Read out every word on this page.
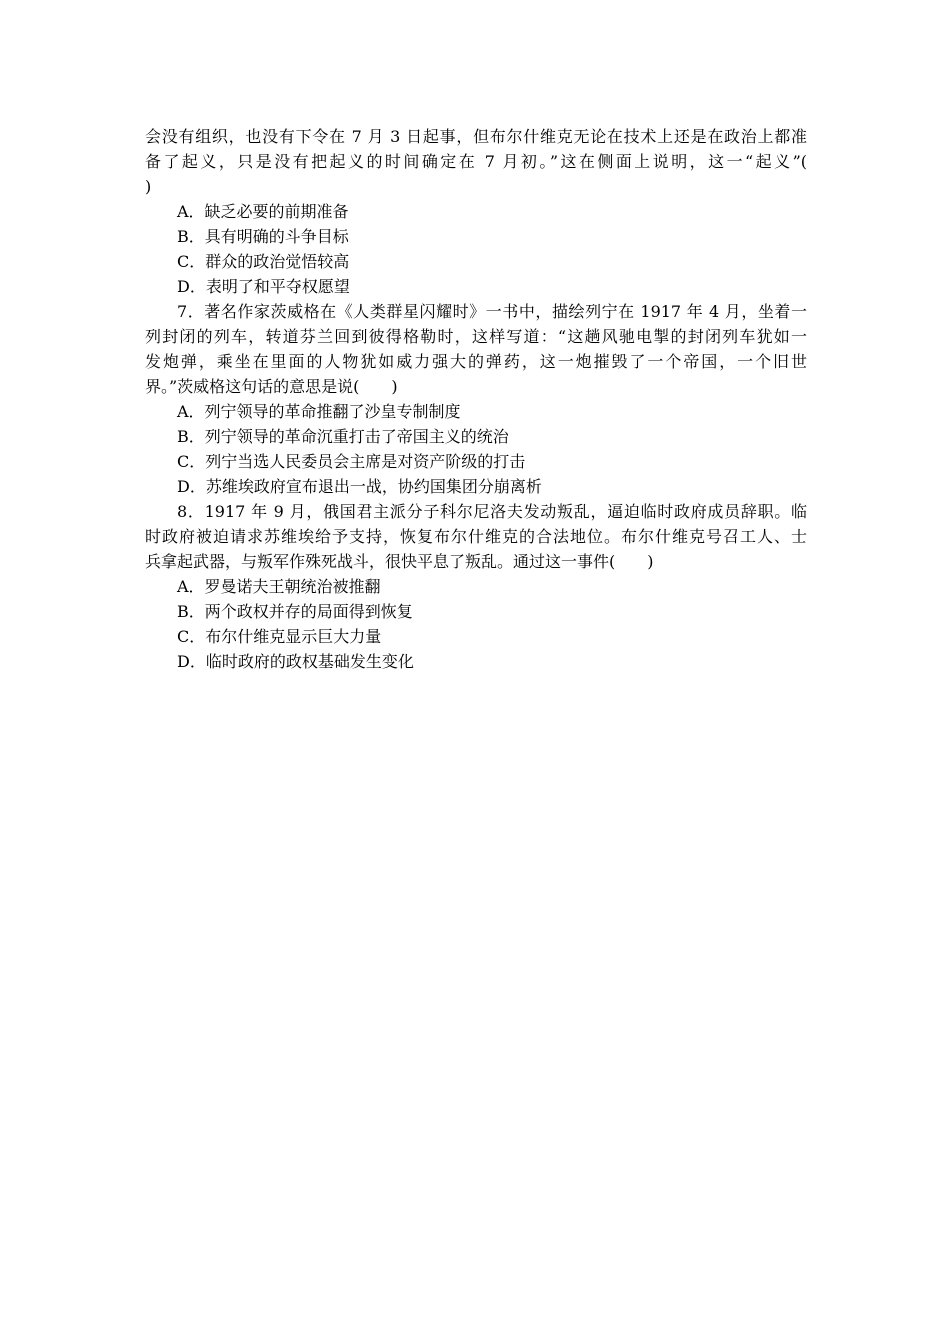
会没有组织，也没有下令在 7 月 3 日起事，但布尔什维克无论在技术上还是在政治上都准
备了起义，只是没有把起义的时间确定在 7 月初。”这在侧面上说明，这一“起义”(
)
A．缺乏必要的前期准备
B．具有明确的斗争目标
C．群众的政治觉悟较高
D．表明了和平夺权愿望
7．著名作家茨威格在《人类群星闪耀时》一书中，描绘列宁在 1917 年 4 月，坐着一
列封闭的列车，转道芬兰回到彼得格勒时，这样写道：“这趟风驰电掣的封闭列车犹如一
发炮弹，乘坐在里面的人物犹如威力强大的弹药，这一炮摧毁了一个帝国，一个旧世
界。”茨威格这句话的意思是说(　　)
A．列宁领导的革命推翻了沙皇专制制度
B．列宁领导的革命沉重打击了帝国主义的统治
C．列宁当选人民委员会主席是对资产阶级的打击
D．苏维埃政府宣布退出一战，协约国集团分崩离析
8．1917 年 9 月，俄国君主派分子科尔尼洛夫发动叛乱，逼迫临时政府成员辞职。临
时政府被迫请求苏维埃给予支持，恢复布尔什维克的合法地位。布尔什维克号召工人、士
兵拿起武器，与叛军作殊死战斗，很快平息了叛乱。通过这一事件(　　)
A．罗曼诺夫王朝统治被推翻
B．两个政权并存的局面得到恢复
C．布尔什维克显示巨大力量
D．临时政府的政权基础发生变化
